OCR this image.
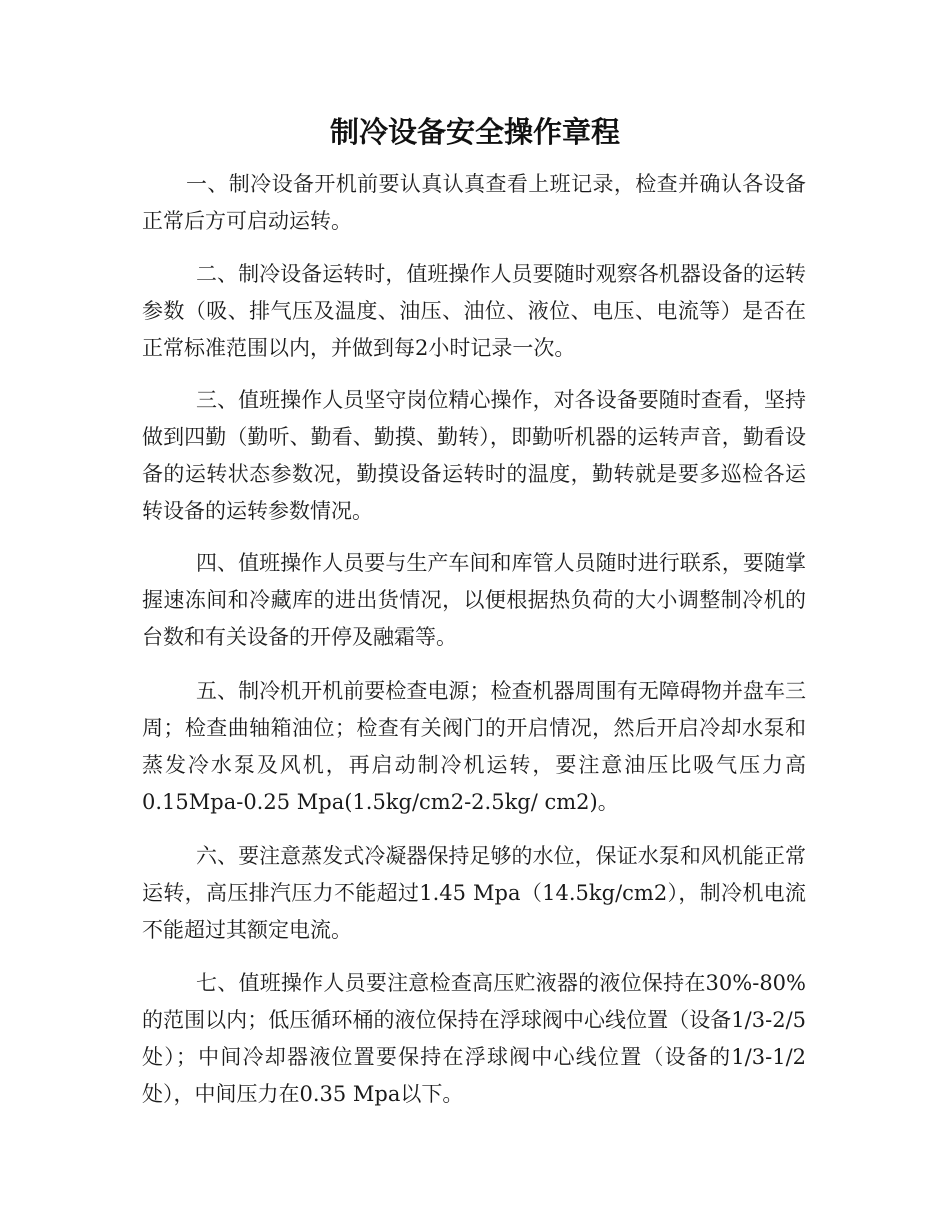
制冷设备安全操作章程

一、制冷设备开机前要认真认真查看上班记录，检查并确认各设备正常后方可启动运转。

二、制冷设备运转时，值班操作人员要随时观察各机器设备的运转参数（吸、排气压及温度、油压、油位、液位、电压、电流等）是否在正常标准范围以内，并做到每2小时记录一次。

三、值班操作人员坚守岗位精心操作，对各设备要随时查看，坚持做到四勤（勤听、勤看、勤摸、勤转），即勤听机器的运转声音，勤看设备的运转状态参数况，勤摸设备运转时的温度，勤转就是要多巡检各运转设备的运转参数情况。

四、值班操作人员要与生产车间和库管人员随时进行联系，要随掌握速冻间和冷藏库的进出货情况，以便根据热负荷的大小调整制冷机的台数和有关设备的开停及融霜等。

五、制冷机开机前要检查电源；检查机器周围有无障碍物并盘车三周；检查曲轴箱油位；检查有关阀门的开启情况，然后开启冷却水泵和蒸发冷水泵及风机，再启动制冷机运转，要注意油压比吸气压力高0.15Mpa-0.25 Mpa(1.5kg/cm2-2.5kg/ cm2)。

六、要注意蒸发式冷凝器保持足够的水位，保证水泵和风机能正常运转，高压排汽压力不能超过1.45 Mpa（14.5kg/cm2），制冷机电流不能超过其额定电流。

七、值班操作人员要注意检查高压贮液器的液位保持在30%-80%的范围以内；低压循环桶的液位保持在浮球阀中心线位置（设备1/3-2/5处）；中间冷却器液位置要保持在浮球阀中心线位置（设备的1/3-1/2处），中间压力在0.35 Mpa以下。
